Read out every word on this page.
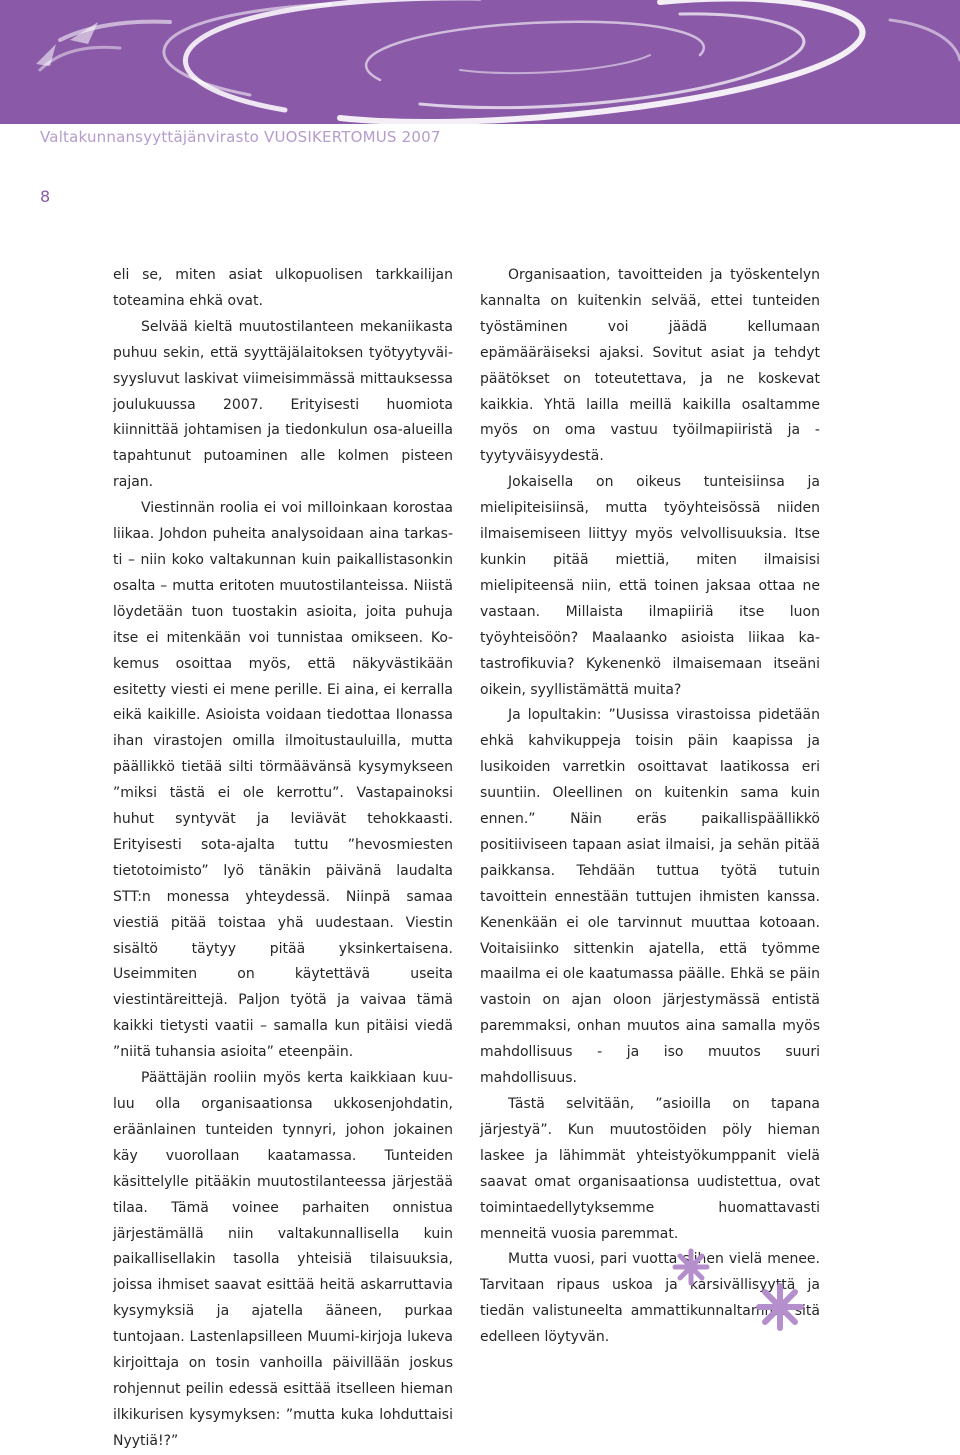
Valtakunnansyyttäjänvirasto VUOSIKERTOMUS 2007
8

eli se, miten asiat ulkopuolisen tarkkailijan toteamina ehkä ovat.

Selvää kieltä muutostilanteen mekaniikasta puhuu sekin, että syyttäjälaitoksen työtyytyväisyysluvut laskivat viimeisimmässä mittauksessa joulukuussa 2007. Erityisesti huomiota kiinnittää johtamisen ja tiedonkulun osa-alueilla tapahtunut putoaminen alle kolmen pisteen rajan.

Viestinnän roolia ei voi milloinkaan korostaa liikaa. Johdon puheita analysoidaan aina tarkasti – niin koko valtakunnan kuin paikallistasonkin osalta – mutta eritoten muutostilanteissa. Niistä löydetään tuon tuostakin asioita, joita puhuja itse ei mitenkään voi tunnistaa omikseen. Kokemus osoittaa myös, että näkyvästikään esitetty viesti ei mene perille. Ei aina, ei kerralla eikä kaikille. Asioista voidaan tiedottaa Ilonassa ihan virastojen omilla ilmoitustauluilla, mutta päällikkö tietää silti törmäävänsä kysymykseen ”miksi tästä ei ole kerrottu”. Vastapainoksi huhut syntyvät ja leviävät tehokkaasti. Erityisesti sota-ajalta tuttu ”hevosmiesten tietotoimisto” lyö tänäkin päivänä laudalta STT:n monessa yhteydessä. Niinpä samaa viestiä pitää toistaa yhä uudestaan. Viestin sisältö täytyy pitää yksinkertaisena. Useimmiten on käytettävä useita viestintäreittejä. Paljon työtä ja vaivaa tämä kaikki tietysti vaatii – samalla kun pitäisi viedä ”niitä tuhansia asioita” eteenpäin.

Päättäjän rooliin myös kerta kaikkiaan kuuluu olla organisaationsa ukkosenjohdatin, eräänlainen tunteiden tynnyri, johon jokainen käy vuorollaan kaatamassa. Tunteiden käsittelylle pitääkin muutostilanteessa järjestää tilaa. Tämä voinee parhaiten onnistua järjestämällä niin valtakunnallisella kuin paikallisellakin tasolla yhteisiä tilaisuuksia, joissa ihmiset saavat esittää heitä askarruttavia kysymyksiä ja ajatella ääneen, purkaa tuntojaan. Lastenlapsilleen Muumi-kirjoja lukeva kirjoittaja on tosin vanhoilla päivillään joskus rohjennut peilin edessä esittää itselleen hieman ilkikurisen kysymyksen: ”mutta kuka lohduttaisi Nyytiä!?”

Organisaation, tavoitteiden ja työskentelyn kannalta on kuitenkin selvää, ettei tunteiden työstäminen voi jäädä kellumaan epämääräiseksi ajaksi. Sovitut asiat ja tehdyt päätökset on toteutettava, ja ne koskevat kaikkia. Yhtä lailla meillä kaikilla osaltamme myös on oma vastuu työilmapiiristä ja -tyytyväisyydestä.

Jokaisella on oikeus tunteisiinsa ja mielipiteisiinsä, mutta työyhteisössä niiden ilmaisemiseen liittyy myös velvollisuuksia. Itse kunkin pitää miettiä, miten ilmaisisi mielipiteensä niin, että toinen jaksaa ottaa ne vastaan. Millaista ilmapiiriä itse luon työyhteisöön? Maalaanko asioista liikaa katastrofikuvia? Kykenenkö ilmaisemaan itseäni oikein, syyllistämättä muita?

Ja lopultakin: ”Uusissa virastoissa pidetään ehkä kahvikuppeja toisin päin kaapissa ja lusikoiden varretkin osoittavat laatikossa eri suuntiin. Oleellinen on kuitenkin sama kuin ennen.” Näin eräs paikallispäällikkö positiiviseen tapaan asiat ilmaisi, ja sehän pitää paikkansa. Tehdään tuttua työtä tutuin tavoittein ennestään tuttujen ihmisten kanssa. Kenenkään ei ole tarvinnut muuttaa kotoaan. Voitaisiinko sittenkin ajatella, että työmme maailma ei ole kaatumassa päälle. Ehkä se päin vastoin on ajan oloon järjestymässä entistä paremmaksi, onhan muutos aina samalla myös mahdollisuus - ja iso muutos suuri mahdollisuus.

Tästä selvitään, ”asioilla on tapana järjestyä”. Kun muutostöiden pöly hieman laskee ja lähimmät yhteistyökumppanit vielä saavat omat organisaationsa uudistettua, ovat toimintaedellytyksemme huomattavasti menneitä vuosia paremmat.

Mutta vuosi, pari vuotta siihen vielä menee. Tarvitaan ripaus uskoa ja kärsivällisyyttä ja tiedän valistuneelta ammattikunnaltamme sitä edelleen löytyvän.
